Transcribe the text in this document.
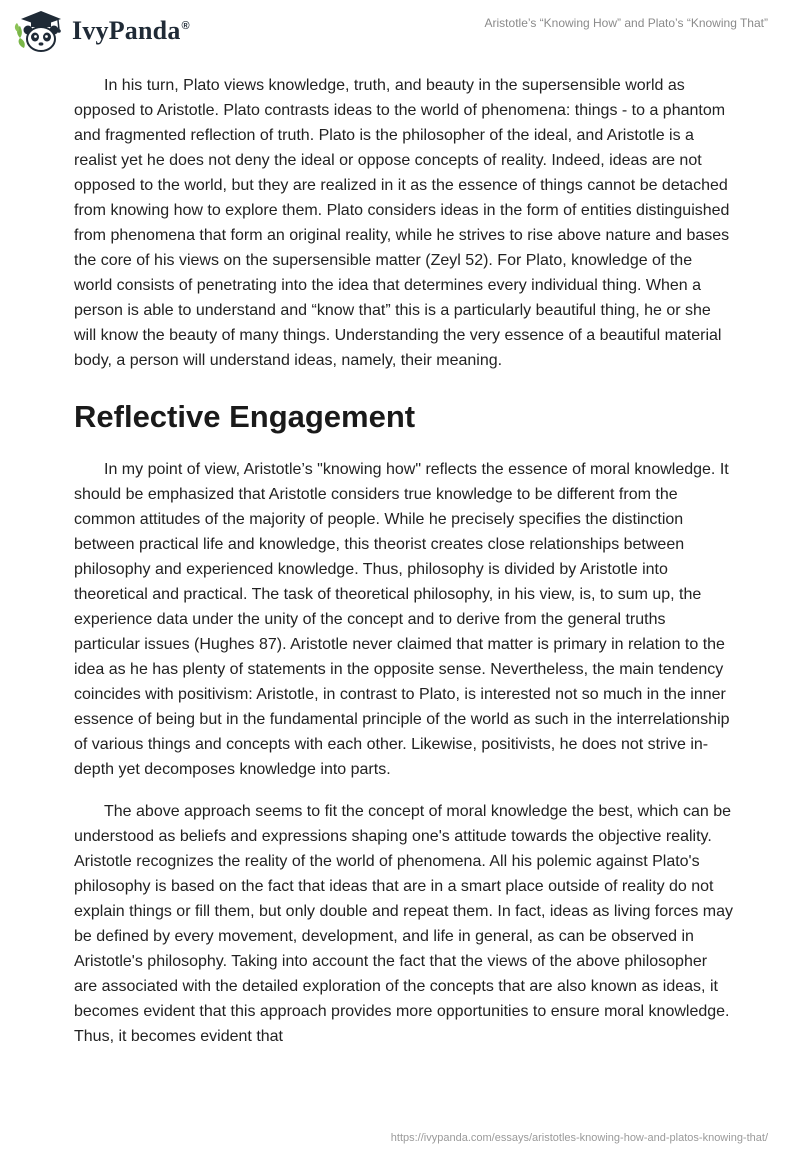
IvyPanda®	Aristotle’s “Knowing How” and Plato’s “Knowing That”

In his turn, Plato views knowledge, truth, and beauty in the supersensible world as opposed to Aristotle. Plato contrasts ideas to the world of phenomena: things - to a phantom and fragmented reflection of truth. Plato is the philosopher of the ideal, and Aristotle is a realist yet he does not deny the ideal or oppose concepts of reality. Indeed, ideas are not opposed to the world, but they are realized in it as the essence of things cannot be detached from knowing how to explore them. Plato considers ideas in the form of entities distinguished from phenomena that form an original reality, while he strives to rise above nature and bases the core of his views on the supersensible matter (Zeyl 52). For Plato, knowledge of the world consists of penetrating into the idea that determines every individual thing. When a person is able to understand and “know that” this is a particularly beautiful thing, he or she will know the beauty of many things. Understanding the very essence of a beautiful material body, a person will understand ideas, namely, their meaning.

Reflective Engagement

In my point of view, Aristotle’s "knowing how" reflects the essence of moral knowledge. It should be emphasized that Aristotle considers true knowledge to be different from the common attitudes of the majority of people. While he precisely specifies the distinction between practical life and knowledge, this theorist creates close relationships between philosophy and experienced knowledge. Thus, philosophy is divided by Aristotle into theoretical and practical. The task of theoretical philosophy, in his view, is, to sum up, the experience data under the unity of the concept and to derive from the general truths particular issues (Hughes 87). Aristotle never claimed that matter is primary in relation to the idea as he has plenty of statements in the opposite sense. Nevertheless, the main tendency coincides with positivism: Aristotle, in contrast to Plato, is interested not so much in the inner essence of being but in the fundamental principle of the world as such in the interrelationship of various things and concepts with each other. Likewise, positivists, he does not strive in-depth yet decomposes knowledge into parts.

The above approach seems to fit the concept of moral knowledge the best, which can be understood as beliefs and expressions shaping one's attitude towards the objective reality. Aristotle recognizes the reality of the world of phenomena. All his polemic against Plato's philosophy is based on the fact that ideas that are in a smart place outside of reality do not explain things or fill them, but only double and repeat them. In fact, ideas as living forces may be defined by every movement, development, and life in general, as can be observed in Aristotle's philosophy. Taking into account the fact that the views of the above philosopher are associated with the detailed exploration of the concepts that are also known as ideas, it becomes evident that this approach provides more opportunities to ensure moral knowledge. Thus, it becomes evident that

https://ivypanda.com/essays/aristotles-knowing-how-and-platos-knowing-that/
